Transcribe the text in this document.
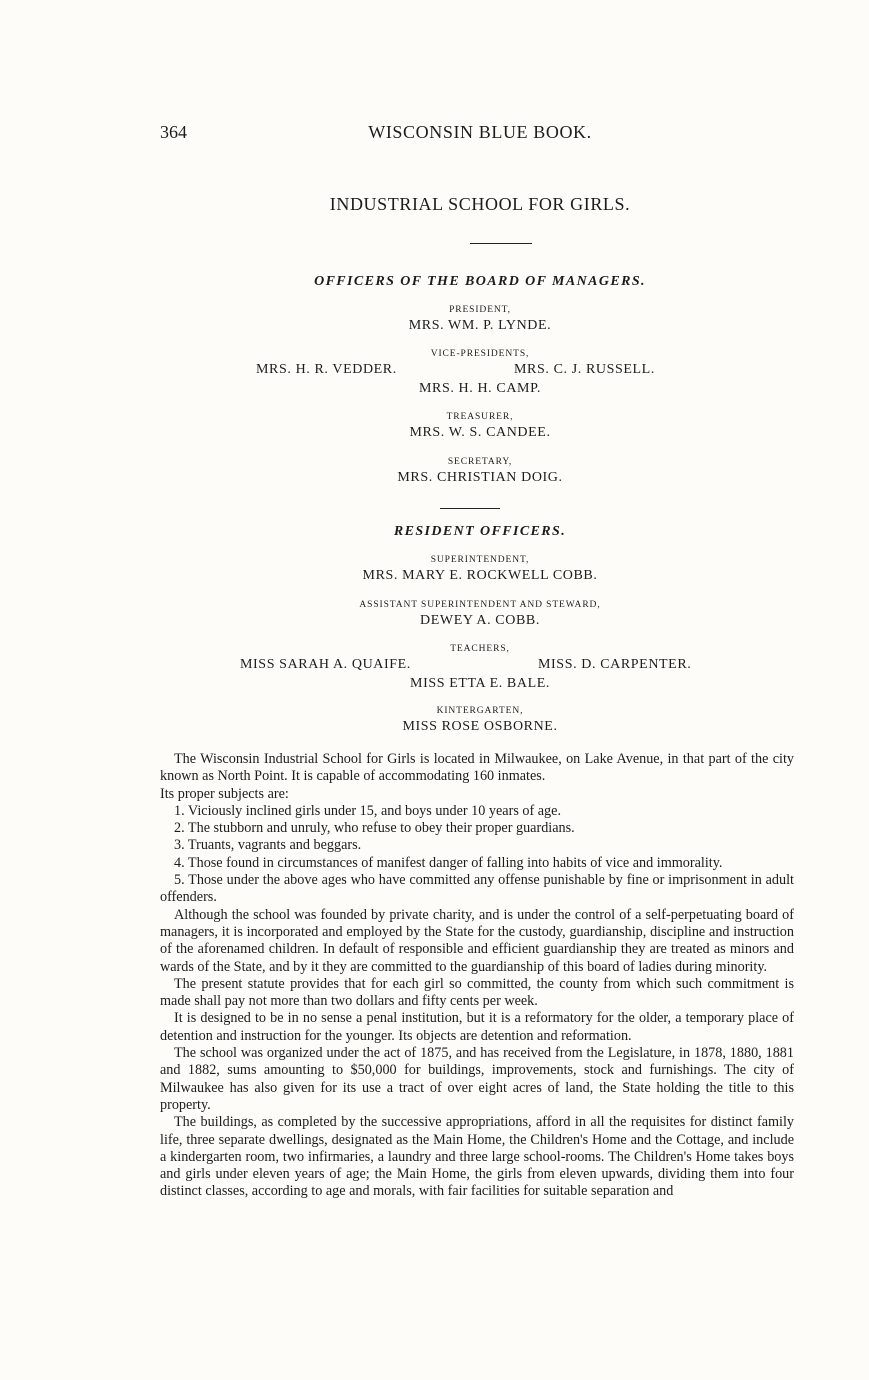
364	WISCONSIN BLUE BOOK.
INDUSTRIAL SCHOOL FOR GIRLS.
OFFICERS OF THE BOARD OF MANAGERS.
PRESIDENT,
MRS. WM. P. LYNDE.
VICE-PRESIDENTS,
MRS. H. R. VEDDER.	MRS. C. J. RUSSELL.
MRS. H. H. CAMP.
TREASURER,
MRS. W. S. CANDEE.
SECRETARY,
MRS. CHRISTIAN DOIG.
RESIDENT OFFICERS.
SUPERINTENDENT,
MRS. MARY E. ROCKWELL COBB.
ASSISTANT SUPERINTENDENT AND STEWARD,
DEWEY A. COBB.
TEACHERS,
MISS SARAH A. QUAIFE.	MISS. D. CARPENTER.
MISS ETTA E. BALE.
KINTERGARTEN,
MISS ROSE OSBORNE.

The Wisconsin Industrial School for Girls is located in Milwaukee, on Lake Avenue, in that part of the city known as North Point. It is capable of accommodating 160 inmates.

Its proper subjects are:

1. Viciously inclined girls under 15, and boys under 10 years of age.

2. The stubborn and unruly, who refuse to obey their proper guardians.

3. Truants, vagrants and beggars.

4. Those found in circumstances of manifest danger of falling into habits of vice and immorality.

5. Those under the above ages who have committed any offense punishable by fine or imprisonment in adult offenders.

Although the school was founded by private charity, and is under the control of a self-perpetuating board of managers, it is incorporated and employed by the State for the custody, guardianship, discipline and instruction of the aforenamed children. In default of responsible and efficient guardianship they are treated as minors and wards of the State, and by it they are committed to the guardianship of this board of ladies during minority.

The present statute provides that for each girl so committed, the county from which such commitment is made shall pay not more than two dollars and fifty cents per week.

It is designed to be in no sense a penal institution, but it is a reformatory for the older, a temporary place of detention and instruction for the younger. Its objects are detention and reformation.

The school was organized under the act of 1875, and has received from the Legislature, in 1878, 1880, 1881 and 1882, sums amounting to $50,000 for buildings, improvements, stock and furnishings. The city of Milwaukee has also given for its use a tract of over eight acres of land, the State holding the title to this property.

The buildings, as completed by the successive appropriations, afford in all the requisites for distinct family life, three separate dwellings, designated as the Main Home, the Children's Home and the Cottage, and include a kindergarten room, two infirmaries, a laundry and three large school-rooms. The Children's Home takes boys and girls under eleven years of age; the Main Home, the girls from eleven upwards, dividing them into four distinct classes, according to age and morals, with fair facilities for suitable separation and
